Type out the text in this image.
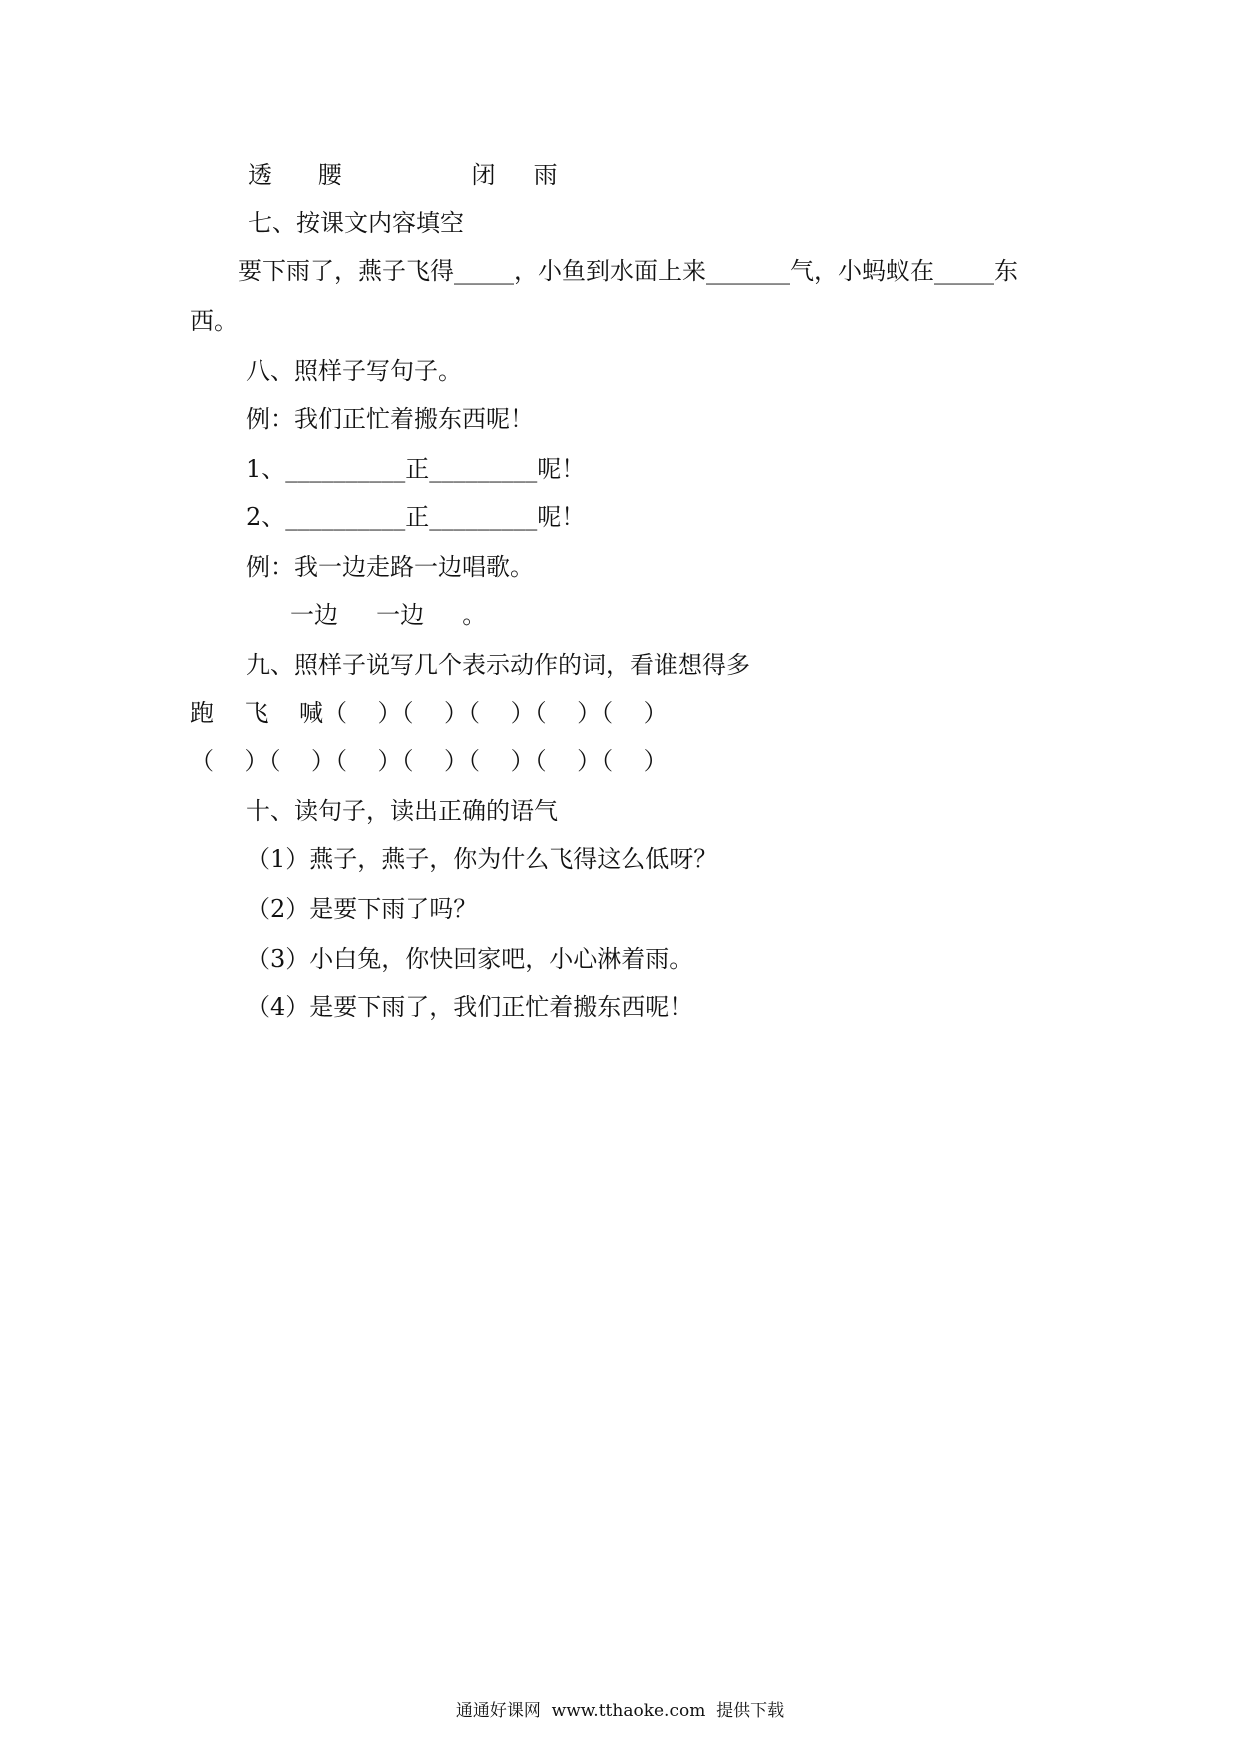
透      腰                 闭     雨
七、按课文内容填空
要下雨了，燕子飞得_____，小鱼到水面上来_______气，小蚂蚁在_____东
西。
八、照样子写句子。
例：我们正忙着搬东西呢！
1、__________正_________呢！
2、__________正_________呢！
例：我一边走路一边唱歌。
一边     一边     。
九、照样子说写几个表示动作的词，看谁想得多
跑    飞    喊（    ）（    ）（    ）（    ）（    ）
（    ）（    ）（    ）（    ）（    ）（    ）（    ）
十、读句子，读出正确的语气
（1）燕子，燕子，你为什么飞得这么低呀？
（2）是要下雨了吗？
（3）小白兔，你快回家吧，小心淋着雨。
（4）是要下雨了，我们正忙着搬东西呢！
通通好课网  www.tthaoke.com  提供下载
